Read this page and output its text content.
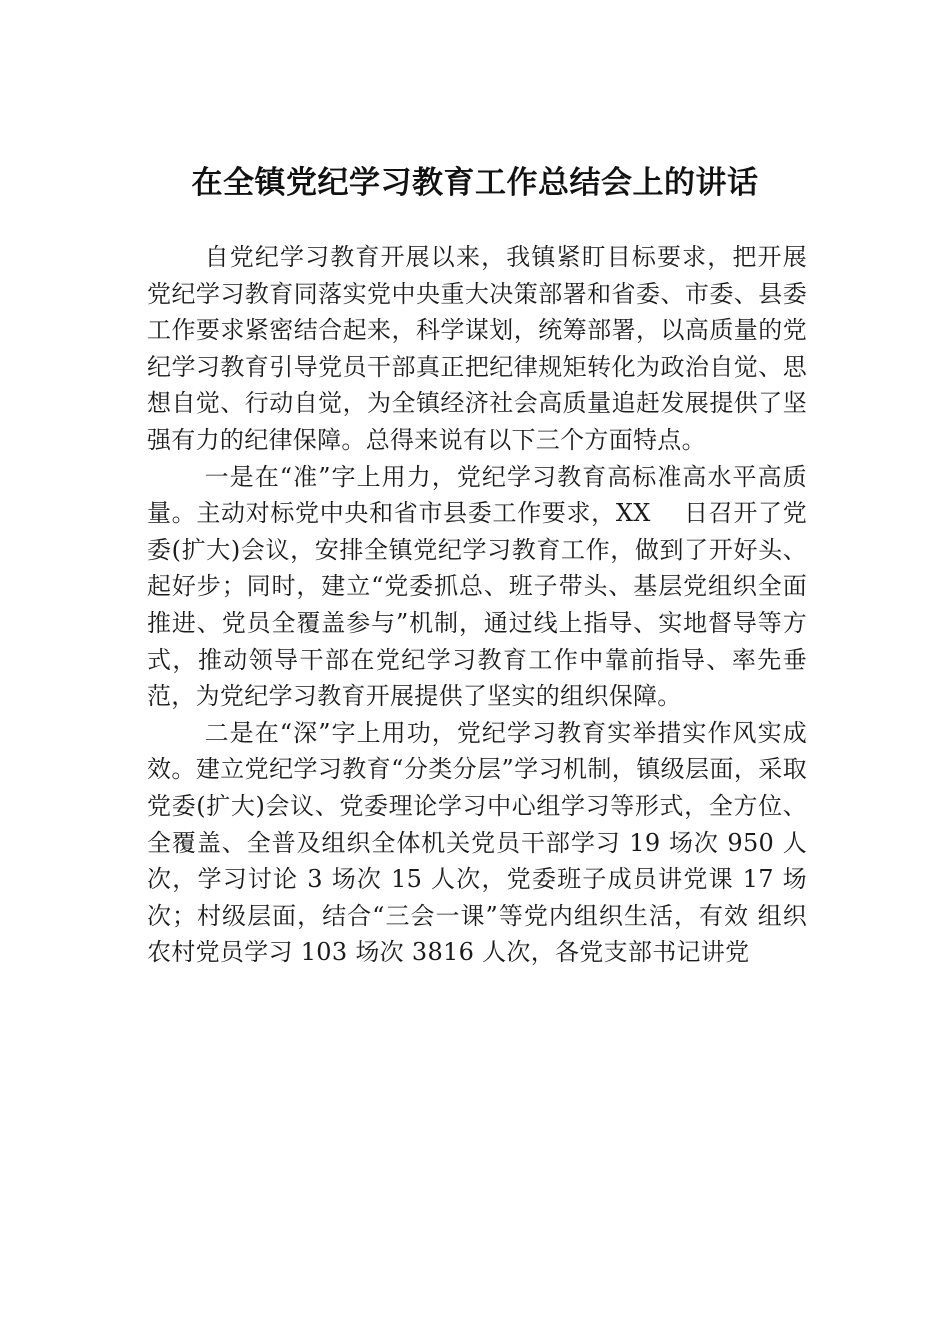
在全镇党纪学习教育工作总结会上的讲话

自党纪学习教育开展以来，我镇紧盯目标要求，把开展党纪学习教育同落实党中央重大决策部署和省委、市委、县委工作要求紧密结合起来，科学谋划，统筹部署，以高质量的党纪学习教育引导党员干部真正把纪律规矩转化为政治自觉、思想自觉、行动自觉，为全镇经济社会高质量追赶发展提供了坚强有力的纪律保障。总得来说有以下三个方面特点。

一是在“准”字上用力，党纪学习教育高标准高水平高质量。主动对标党中央和省市县委工作要求，XX　 日召开了党委(扩大)会议，安排全镇党纪学习教育工作，做到了开好头、起好步；同时，建立“党委抓总、班子带头、基层党组织全面推进、党员全覆盖参与”机制，通过线上指导、实地督导等方式，推动领导干部在党纪学习教育工作中靠前指导、率先垂范，为党纪学习教育开展提供了坚实的组织保障。

二是在“深”字上用功，党纪学习教育实举措实作风实成效。建立党纪学习教育“分类分层”学习机制，镇级层面，采取党委(扩大)会议、党委理论学习中心组学习等形式，全方位、全覆盖、全普及组织全体机关党员干部学习 19 场次 950 人次，学习讨论 3 场次 15 人次，党委班子成员讲党课 17 场次；村级层面，结合“三会一课”等党内组织生活，有效 组织农村党员学习 103 场次 3816 人次，各党支部书记讲党
